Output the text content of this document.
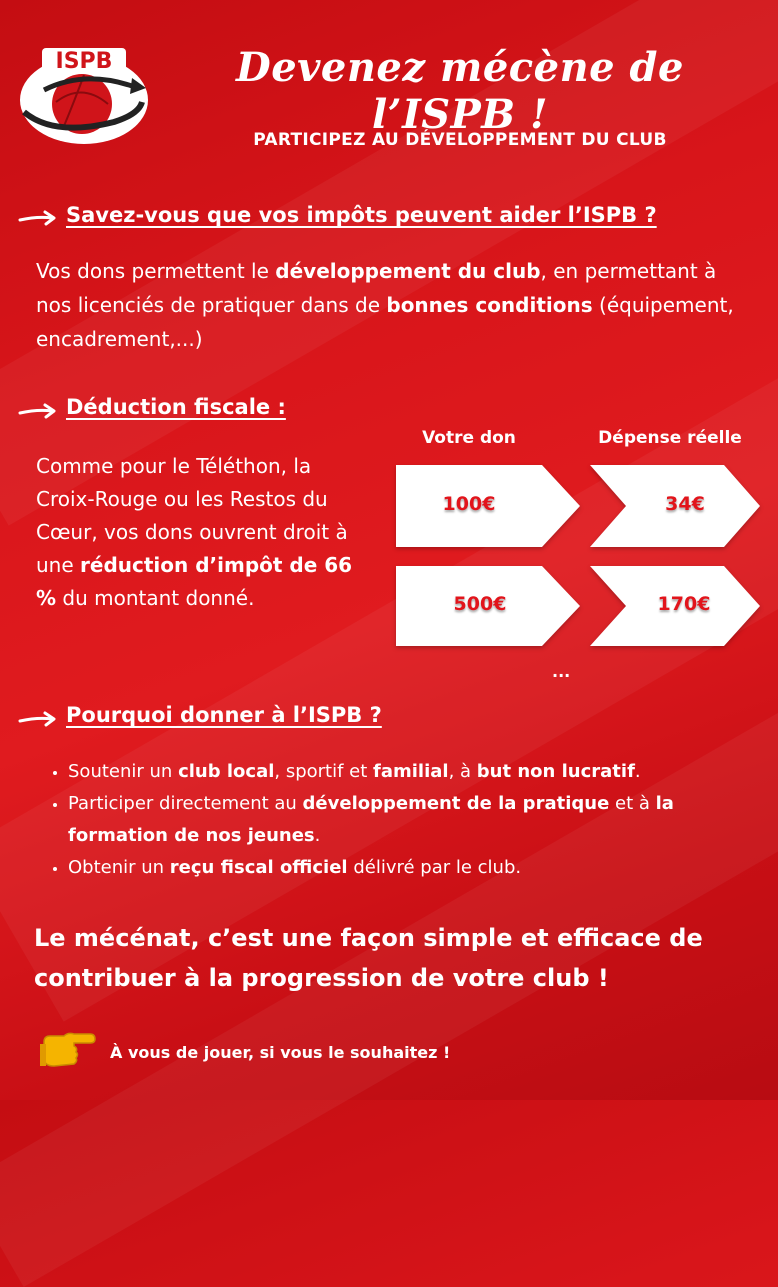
ISPB	Devenez mécène de l’ISPB !
PARTICIPEZ AU DÉVELOPPEMENT DU CLUB
Savez-vous que vos impôts peuvent aider l’ISPB ?
Vos dons permettent le développement du club, en permettant à nos licenciés de pratiquer dans de bonnes conditions (équipement, encadrement,...)
Déduction fiscale :
Comme pour le Téléthon, la Croix-Rouge ou les Restos du Cœur, vos dons ouvrent droit à une réduction d’impôt de 66 % du montant donné.
Votre don	Dépense réelle
100€	34€
500€	170€
...
Pourquoi donner à l’ISPB ?
• Soutenir un club local, sportif et familial, à but non lucratif.
• Participer directement au développement de la pratique et à la formation de nos jeunes.
• Obtenir un reçu fiscal officiel délivré par le club.
Le mécénat, c’est une façon simple et efficace de contribuer à la progression de votre club !
À vous de jouer, si vous le souhaitez !
